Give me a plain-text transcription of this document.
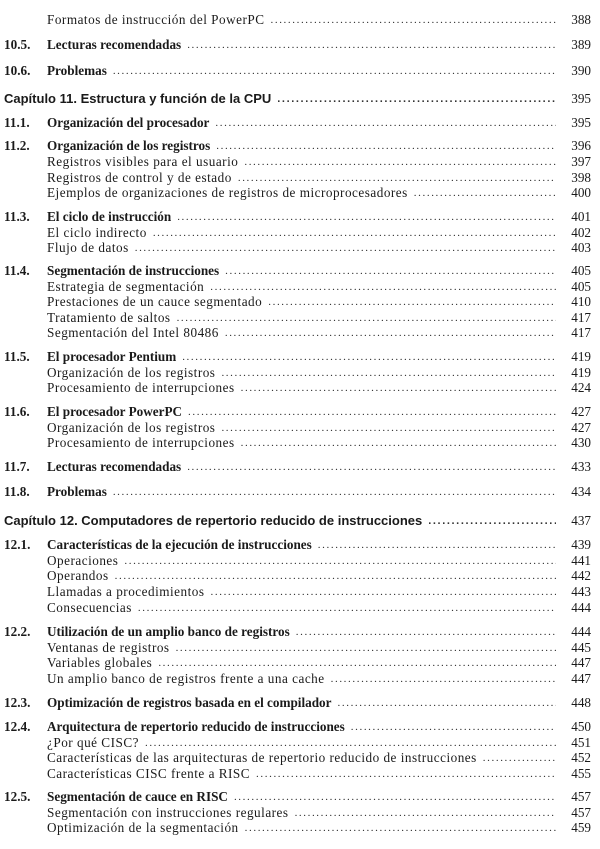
Formatos de instrucción del PowerPC .....	388
10.5. Lecturas recomendadas .....	389
10.6. Problemas .....	390
Capítulo 11. Estructura y función de la CPU .....	395
11.1. Organización del procesador .....	395
11.2. Organización de los registros .....	396
Registros visibles para el usuario .....	397
Registros de control y de estado .....	398
Ejemplos de organizaciones de registros de microprocesadores .....	400
11.3. El ciclo de instrucción .....	401
El ciclo indirecto .....	402
Flujo de datos .....	403
11.4. Segmentación de instrucciones .....	405
Estrategia de segmentación .....	405
Prestaciones de un cauce segmentado .....	410
Tratamiento de saltos .....	417
Segmentación del Intel 80486 .....	417
11.5. El procesador Pentium .....	419
Organización de los registros .....	419
Procesamiento de interrupciones .....	424
11.6. El procesador PowerPC .....	427
Organización de los registros .....	427
Procesamiento de interrupciones .....	430
11.7. Lecturas recomendadas .....	433
11.8. Problemas .....	434
Capítulo 12. Computadores de repertorio reducido de instrucciones .....	437
12.1. Características de la ejecución de instrucciones .....	439
Operaciones .....	441
Operandos .....	442
Llamadas a procedimientos .....	443
Consecuencias .....	444
12.2. Utilización de un amplio banco de registros .....	444
Ventanas de registros .....	445
Variables globales .....	447
Un amplio banco de registros frente a una cache .....	447
12.3. Optimización de registros basada en el compilador .....	448
12.4. Arquitectura de repertorio reducido de instrucciones .....	450
¿Por qué CISC? .....	451
Características de las arquitecturas de repertorio reducido de instrucciones .....	452
Características CISC frente a RISC .....	455
12.5. Segmentación de cauce en RISC .....	457
Segmentación con instrucciones regulares .....	457
Optimización de la segmentación .....	459
